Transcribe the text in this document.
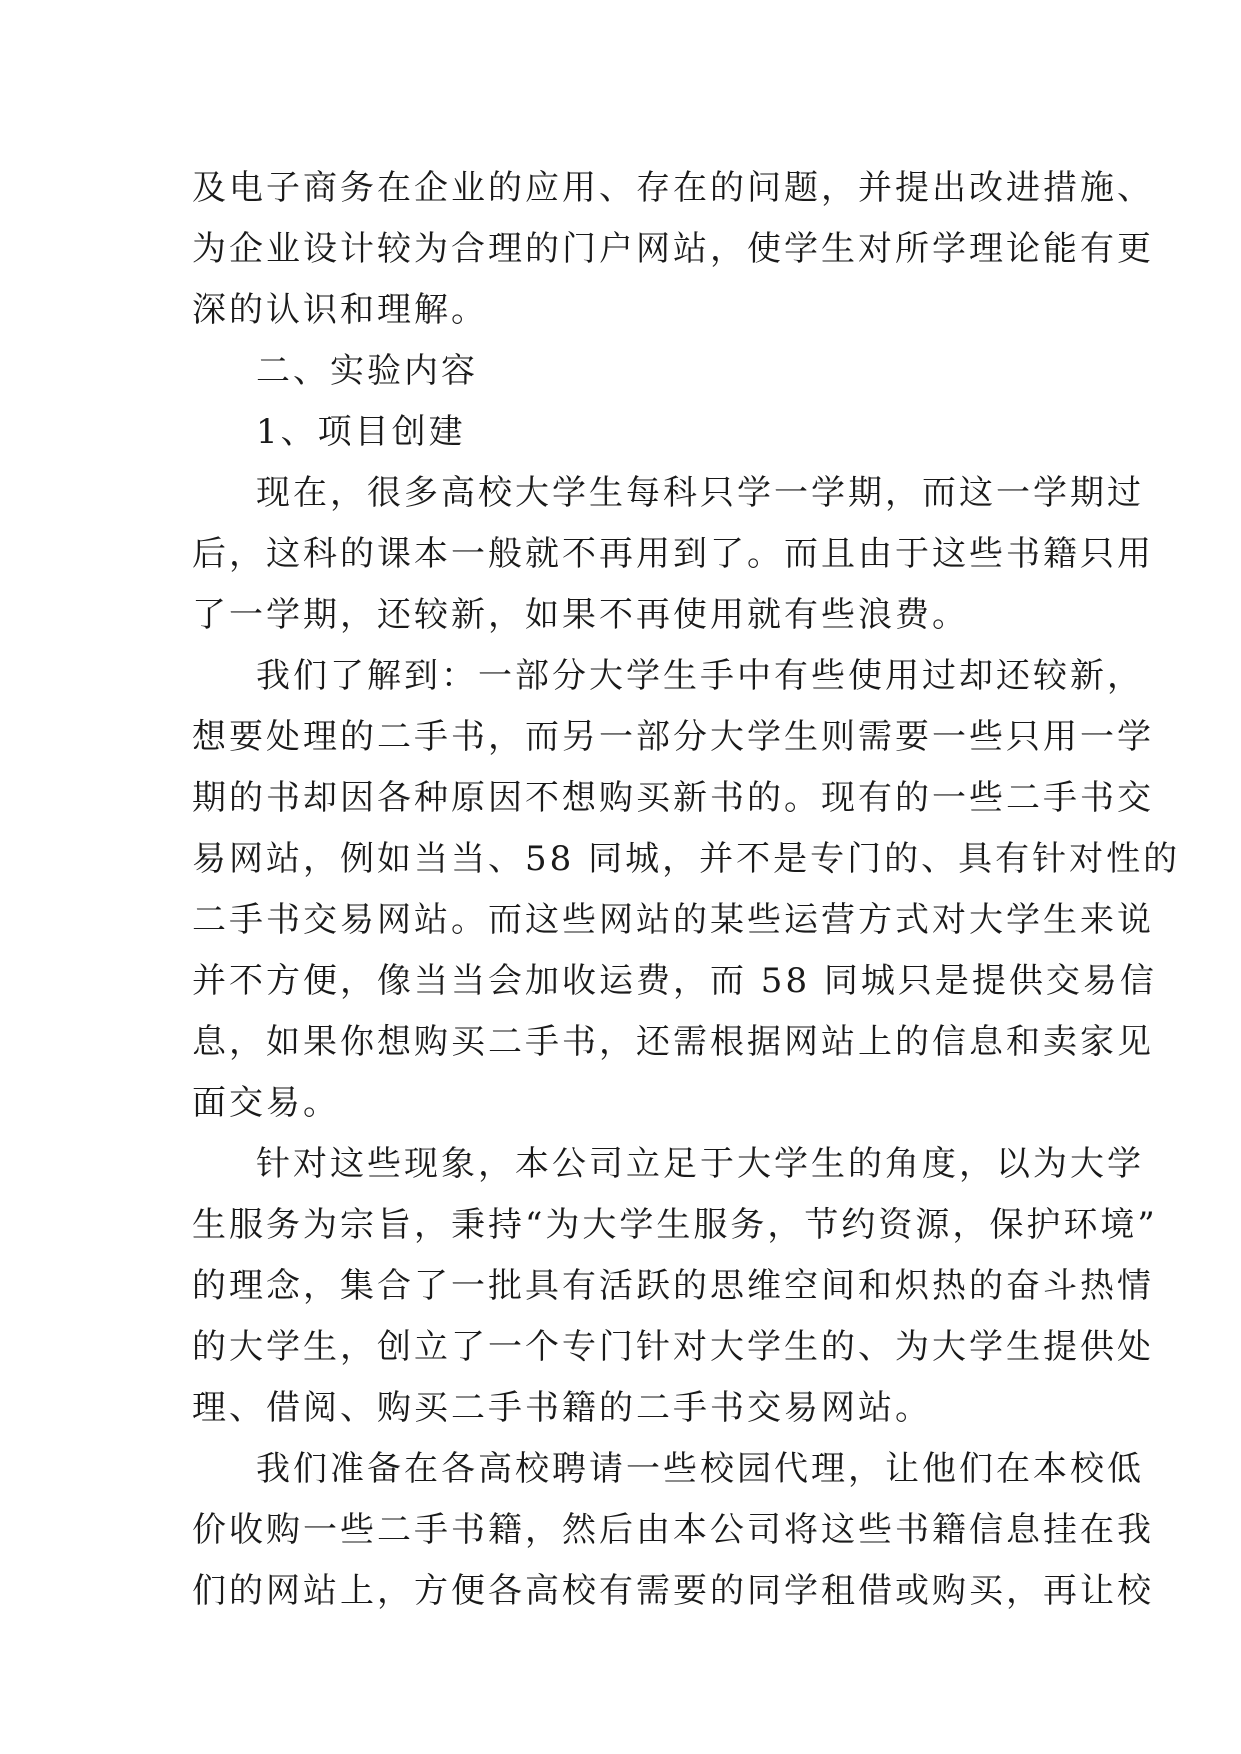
及电子商务在企业的应用、存在的问题，并提出改进措施、

为企业设计较为合理的门户网站，使学生对所学理论能有更

深的认识和理解。

二、实验内容

1、项目创建

现在，很多高校大学生每科只学一学期，而这一学期过

后，这科的课本一般就不再用到了。而且由于这些书籍只用

了一学期，还较新，如果不再使用就有些浪费。

我们了解到：一部分大学生手中有些使用过却还较新，

想要处理的二手书，而另一部分大学生则需要一些只用一学

期的书却因各种原因不想购买新书的。现有的一些二手书交

易网站，例如当当、58 同城，并不是专门的、具有针对性的

二手书交易网站。而这些网站的某些运营方式对大学生来说

并不方便，像当当会加收运费，而 58 同城只是提供交易信

息，如果你想购买二手书，还需根据网站上的信息和卖家见

面交易。

针对这些现象，本公司立足于大学生的角度，以为大学

生服务为宗旨，秉持“为大学生服务，节约资源，保护环境”

的理念，集合了一批具有活跃的思维空间和炽热的奋斗热情

的大学生，创立了一个专门针对大学生的、为大学生提供处

理、借阅、购买二手书籍的二手书交易网站。

我们准备在各高校聘请一些校园代理，让他们在本校低

价收购一些二手书籍，然后由本公司将这些书籍信息挂在我

们的网站上，方便各高校有需要的同学租借或购买，再让校
